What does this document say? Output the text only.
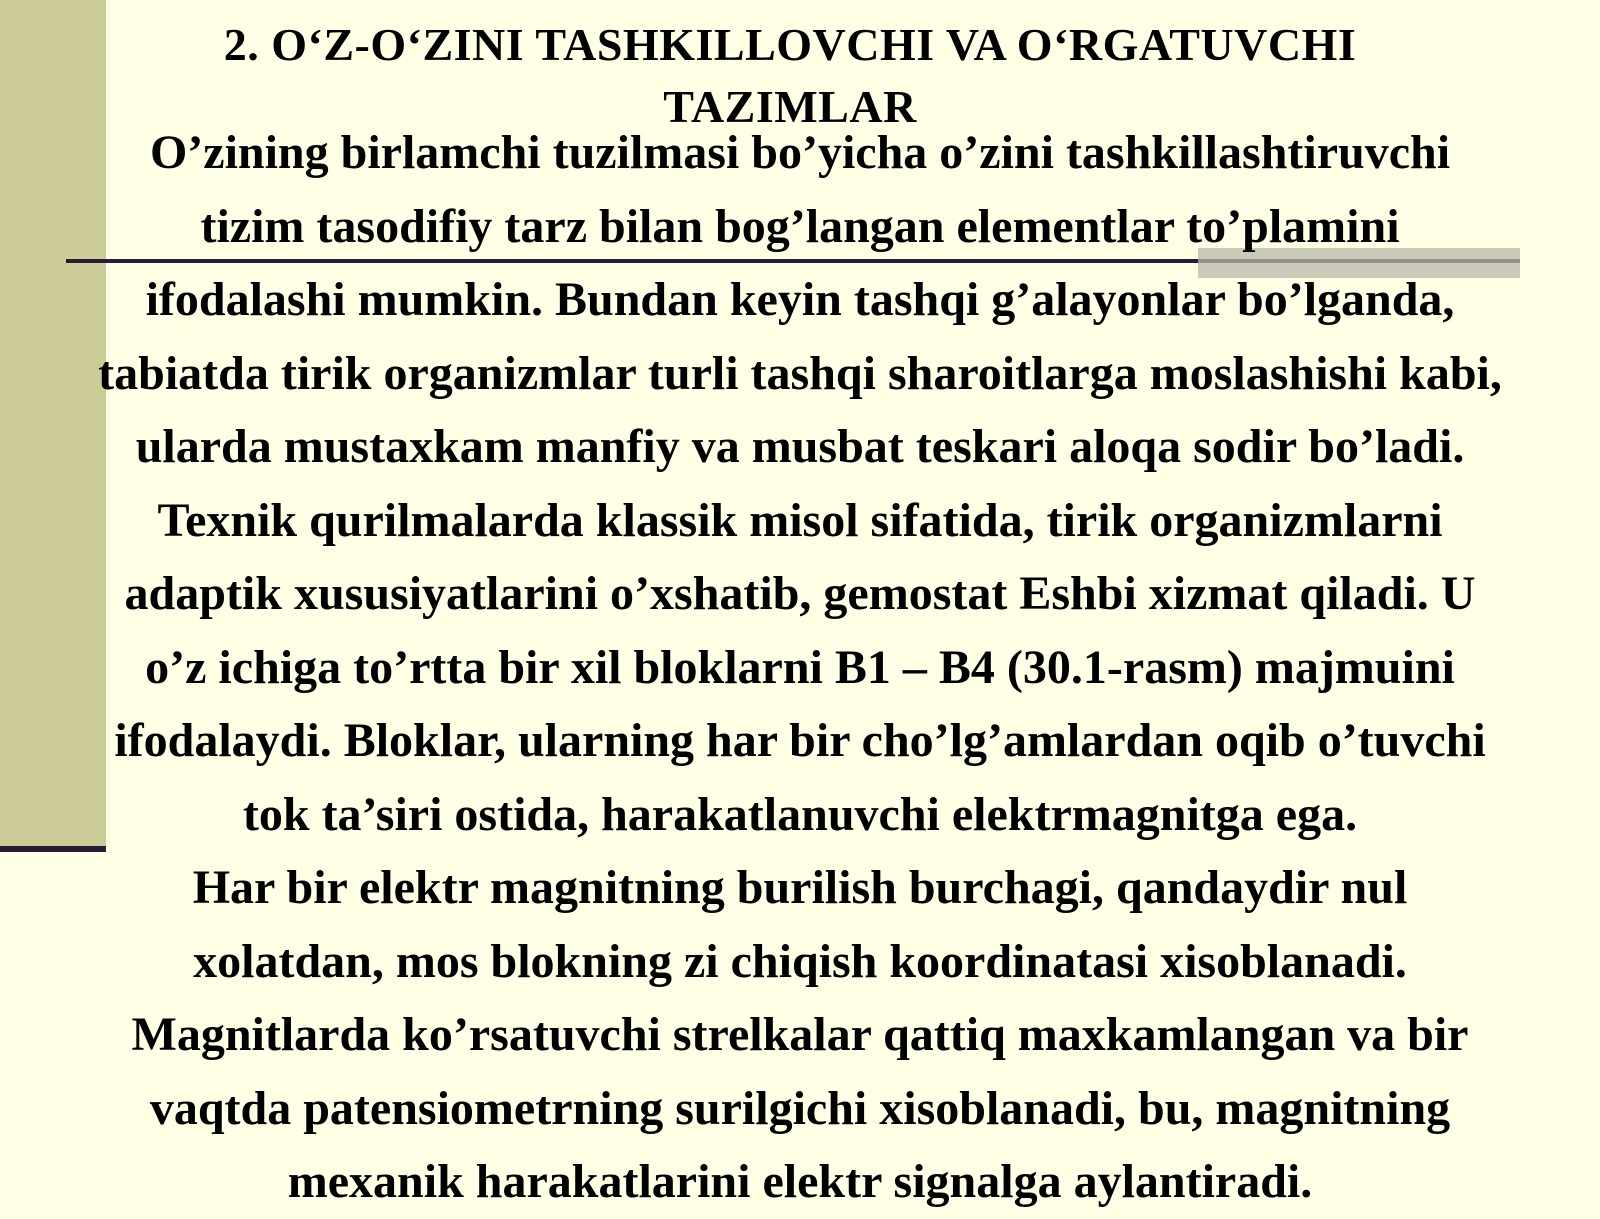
2. O‘Z-O‘ZINI TASHKILLOVCHI VA O‘RGATUVCHI
TAZIMLAR
O’zining birlamchi tuzilmasi bo’yicha o’zini tashkillashtiruvchi
tizim tasodifiy tarz bilan bog’langan elementlar to’plamini
ifodalashi mumkin. Bundan keyin tashqi g’alayonlar bo’lganda,
tabiatda tirik organizmlar turli tashqi sharoitlarga moslashishi kabi,
ularda mustaxkam manfiy va musbat teskari aloqa sodir bo’ladi.
Texnik qurilmalarda klassik misol sifatida, tirik organizmlarni
adaptik xususiyatlarini o’xshatib, gemostat Eshbi xizmat qiladi. U
o’z ichiga to’rtta bir xil bloklarni B1 – B4 (30.1-rasm) majmuini
ifodalaydi. Bloklar, ularning har bir cho’lg’amlardan oqib o’tuvchi
tok ta’siri ostida, harakatlanuvchi elektrmagnitga ega.
Har bir elektr magnitning burilish burchagi, qandaydir nul
xolatdan, mos blokning zi chiqish koordinatasi xisoblanadi.
Magnitlarda ko’rsatuvchi strelkalar qattiq maxkamlangan va bir
vaqtda patensiometrning surilgichi xisoblanadi, bu, magnitning
mexanik harakatlarini elektr signalga aylantiradi.
